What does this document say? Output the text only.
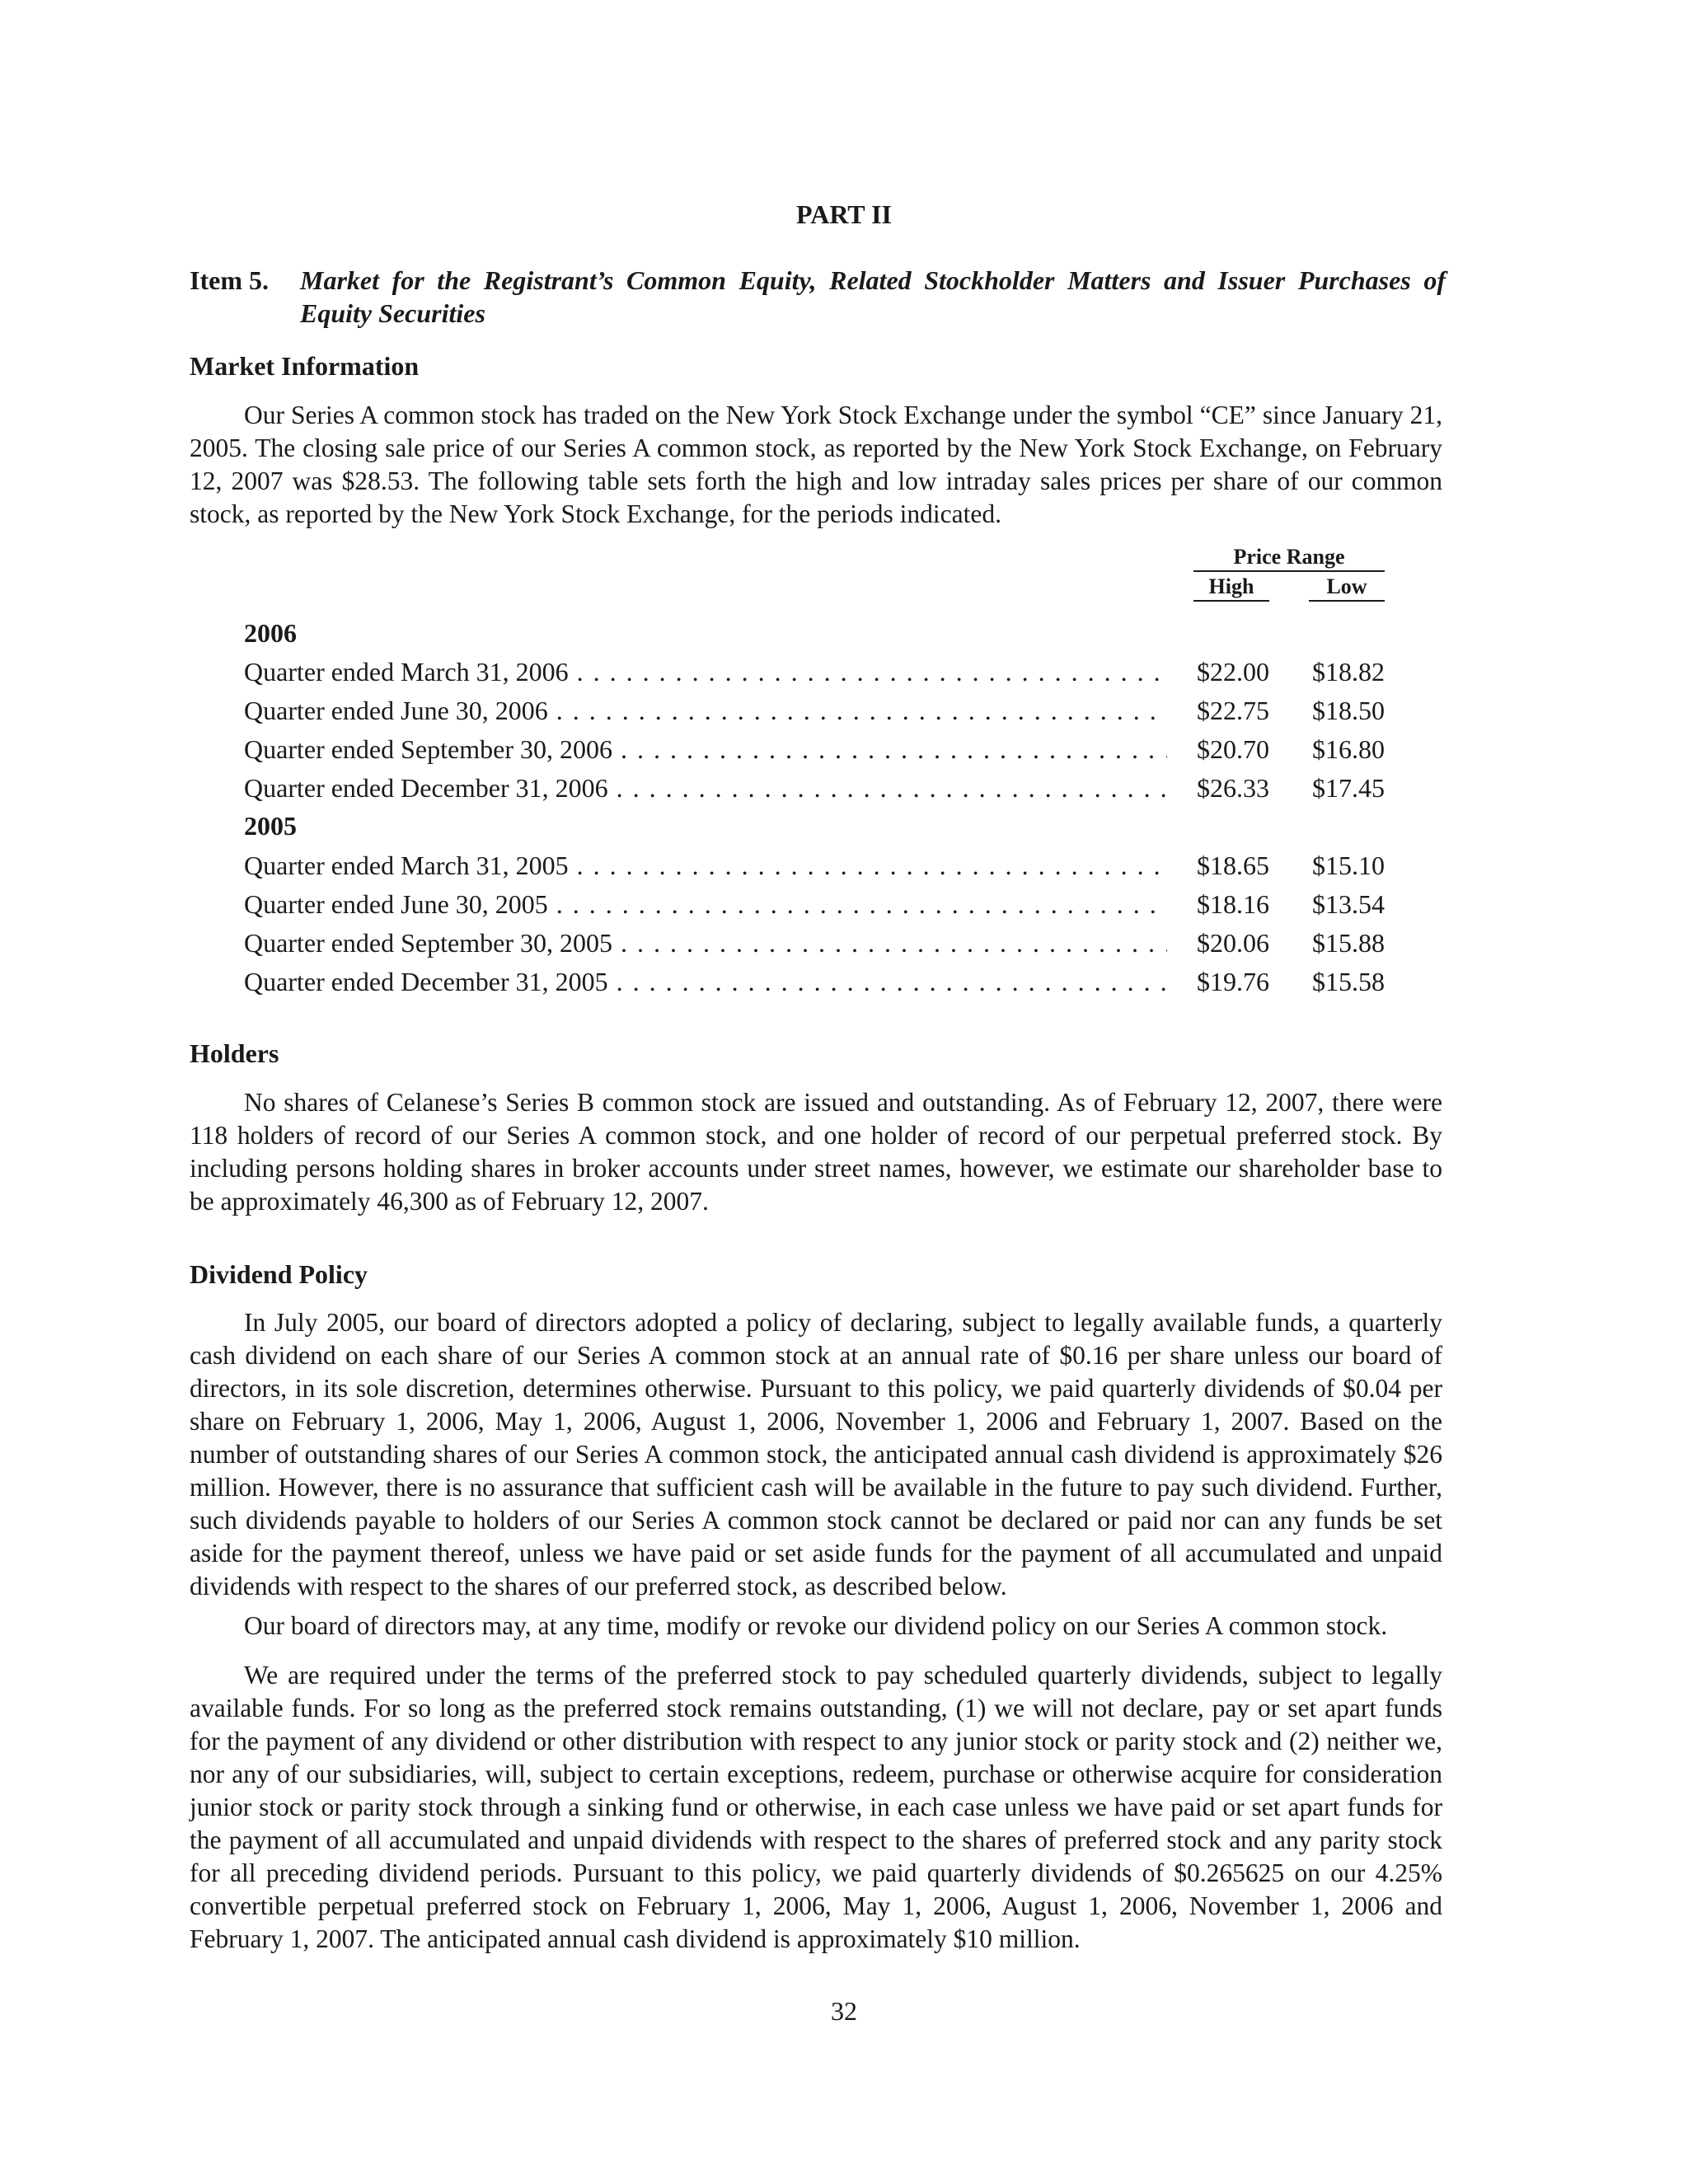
PART II
Item 5.	Market for the Registrant’s Common Equity, Related Stockholder Matters and Issuer Purchases of Equity Securities
Market Information

Our Series A common stock has traded on the New York Stock Exchange under the symbol “CE” since January 21, 2005. The closing sale price of our Series A common stock, as reported by the New York Stock Exchange, on February 12, 2007 was $28.53. The following table sets forth the high and low intraday sales prices per share of our common stock, as reported by the New York Stock Exchange, for the periods indicated.

Price Range
High	Low
2006
Quarter ended March 31, 2006 . . .	$22.00 $18.82
Quarter ended June 30, 2006 . . .	$22.75 $18.50
Quarter ended September 30, 2006 . . .	$20.70 $16.80
Quarter ended December 31, 2006 . . .	$26.33 $17.45
2005
Quarter ended March 31, 2005 . . .	$18.65 $15.10
Quarter ended June 30, 2005 . . .	$18.16 $13.54
Quarter ended September 30, 2005 . . .	$20.06 $15.88
Quarter ended December 31, 2005 . . .	$19.76 $15.58
Holders

No shares of Celanese’s Series B common stock are issued and outstanding. As of February 12, 2007, there were 118 holders of record of our Series A common stock, and one holder of record of our perpetual preferred stock. By including persons holding shares in broker accounts under street names, however, we estimate our shareholder base to be approximately 46,300 as of February 12, 2007.

Dividend Policy

In July 2005, our board of directors adopted a policy of declaring, subject to legally available funds, a quarterly cash dividend on each share of our Series A common stock at an annual rate of $0.16 per share unless our board of directors, in its sole discretion, determines otherwise. Pursuant to this policy, we paid quarterly dividends of $0.04 per share on February 1, 2006, May 1, 2006, August 1, 2006, November 1, 2006 and February 1, 2007. Based on the number of outstanding shares of our Series A common stock, the anticipated annual cash dividend is approximately $26 million. However, there is no assurance that sufficient cash will be available in the future to pay such dividend. Further, such dividends payable to holders of our Series A common stock cannot be declared or paid nor can any funds be set aside for the payment thereof, unless we have paid or set aside funds for the payment of all accumulated and unpaid dividends with respect to the shares of our preferred stock, as described below.

Our board of directors may, at any time, modify or revoke our dividend policy on our Series A common stock.

We are required under the terms of the preferred stock to pay scheduled quarterly dividends, subject to legally available funds. For so long as the preferred stock remains outstanding, (1) we will not declare, pay or set apart funds for the payment of any dividend or other distribution with respect to any junior stock or parity stock and (2) neither we, nor any of our subsidiaries, will, subject to certain exceptions, redeem, purchase or otherwise acquire for consideration junior stock or parity stock through a sinking fund or otherwise, in each case unless we have paid or set apart funds for the payment of all accumulated and unpaid dividends with respect to the shares of preferred stock and any parity stock for all preceding dividend periods. Pursuant to this policy, we paid quarterly dividends of $0.265625 on our 4.25% convertible perpetual preferred stock on February 1, 2006, May 1, 2006, August 1, 2006, November 1, 2006 and February 1, 2007. The anticipated annual cash dividend is approximately $10 million.

32
